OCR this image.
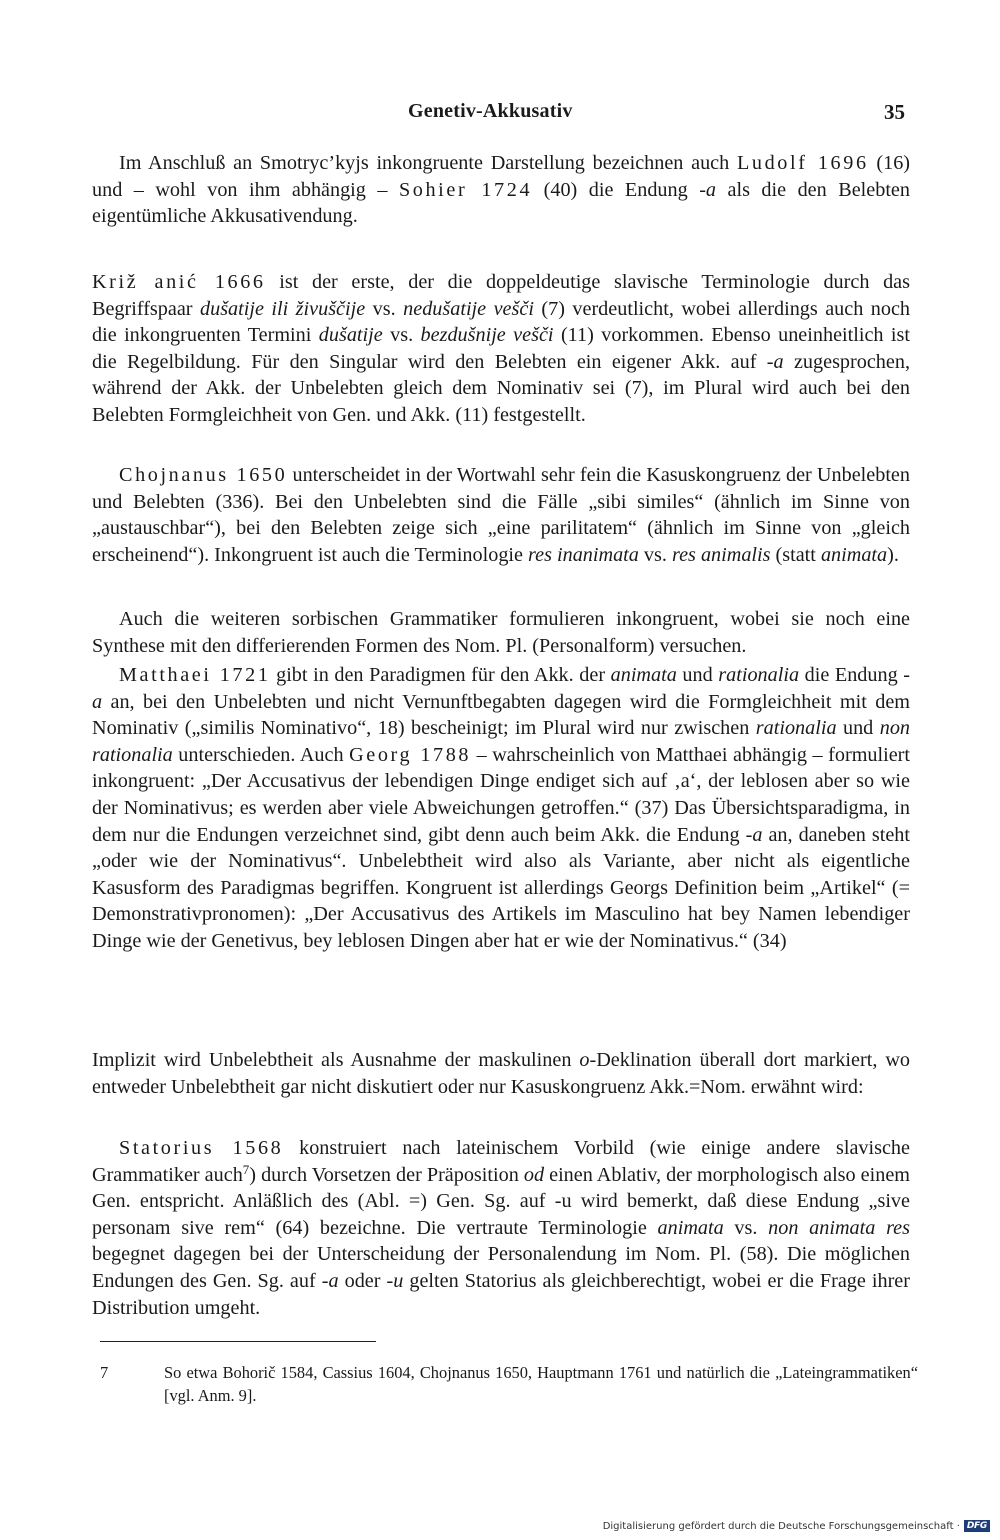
Genetiv-Akkusativ	35

Im Anschluß an Smotryc’kyjs inkongruente Darstellung bezeichnen auch Ludolf 1696 (16) und – wohl von ihm abhängig – Sohier 1724 (40) die Endung -a als die den Belebten eigentümliche Akkusativendung.

Križ anić 1666 ist der erste, der die doppeldeutige slavische Terminologie durch das Begriffspaar dušatije ili živuščije vs. nedušatije vešči (7) verdeutlicht, wobei allerdings auch noch die inkongruenten Termini dušatije vs. bezdušnije vešči (11) vorkommen. Ebenso uneinheitlich ist die Regelbildung. Für den Singular wird den Belebten ein eigener Akk. auf -a zugesprochen, während der Akk. der Unbelebten gleich dem Nominativ sei (7), im Plural wird auch bei den Belebten Formgleichheit von Gen. und Akk. (11) festgestellt.

Chojnanus 1650 unterscheidet in der Wortwahl sehr fein die Kasuskongruenz der Unbelebten und Belebten (336). Bei den Unbelebten sind die Fälle „sibi similes“ (ähnlich im Sinne von „austauschbar“), bei den Belebten zeige sich „eine parilitatem“ (ähnlich im Sinne von „gleich erscheinend“). Inkongruent ist auch die Terminologie res inanimata vs. res animalis (statt animata).

Auch die weiteren sorbischen Grammatiker formulieren inkongruent, wobei sie noch eine Synthese mit den differierenden Formen des Nom. Pl. (Personalform) versuchen.

Matthaei 1721 gibt in den Paradigmen für den Akk. der animata und rationalia die Endung -a an, bei den Unbelebten und nicht Vernunftbegabten dagegen wird die Formgleichheit mit dem Nominativ („similis Nominativo“, 18) bescheinigt; im Plural wird nur zwischen rationalia und non rationalia unterschieden. Auch Georg 1788 – wahrscheinlich von Matthaei abhängig – formuliert inkongruent: „Der Accusativus der lebendigen Dinge endiget sich auf ‚a‘, der leblosen aber so wie der Nominativus; es werden aber viele Abweichungen getroffen.“ (37) Das Übersichtsparadigma, in dem nur die Endungen verzeichnet sind, gibt denn auch beim Akk. die Endung -a an, daneben steht „oder wie der Nominativus“. Unbelebtheit wird also als Variante, aber nicht als eigentliche Kasusform des Paradigmas begriffen. Kongruent ist allerdings Georgs Definition beim „Artikel“ (= Demonstrativpronomen): „Der Accusativus des Artikels im Masculino hat bey Namen lebendiger Dinge wie der Genetivus, bey leblosen Dingen aber hat er wie der Nominativus.“ (34)

Implizit wird Unbelebtheit als Ausnahme der maskulinen o-Deklination überall dort markiert, wo entweder Unbelebtheit gar nicht diskutiert oder nur Kasuskongruenz Akk.=Nom. erwähnt wird:

Statorius 1568 konstruiert nach lateinischem Vorbild (wie einige andere slavische Grammatiker auch$^7$) durch Vorsetzen der Präposition od einen Ablativ, der morphologisch also einem Gen. entspricht. Anläßlich des (Abl. =) Gen. Sg. auf -u wird bemerkt, daß diese Endung „sive personam sive rem“ (64) bezeichne. Die vertraute Terminologie animata vs. non animata res begegnet dagegen bei der Unterscheidung der Personalendung im Nom. Pl. (58). Die möglichen Endungen des Gen. Sg. auf -a oder -u gelten Statorius als gleichberechtigt, wobei er die Frage ihrer Distribution umgeht.

7	So etwa Bohorič 1584, Cassius 1604, Chojnanus 1650, Hauptmann 1761 und natürlich die „Lateingrammatiken“ [vgl. Anm. 9].
Digitalisierung gefördert durch die Deutsche Forschungsgemeinschaft · DFG
